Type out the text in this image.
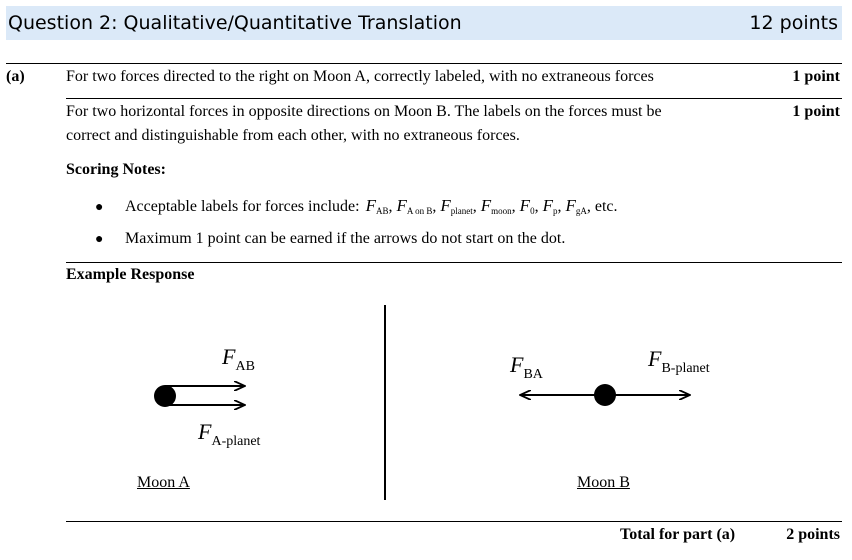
Question 2: Qualitative/Quantitative Translation	12 points
(a)	For two forces directed to the right on Moon A, correctly labeled, with no extraneous forces	1 point
For two horizontal forces in opposite directions on Moon B. The labels on the forces must be
correct and distinguishable from each other, with no extraneous forces.
1 point
Scoring Notes:
●	Acceptable labels for forces include: $F_{AB}$, $F_{A on B}$, $F_{planet}$, $F_{moon}$, $F_0$, $F_p$, $F_{gA}$, etc.
●	Maximum 1 point can be earned if the arrows do not start on the dot.
Example Response
FAB
FA-planet
Moon A
FBA
FB-planet
Moon B
Total for part (a)	2 points
